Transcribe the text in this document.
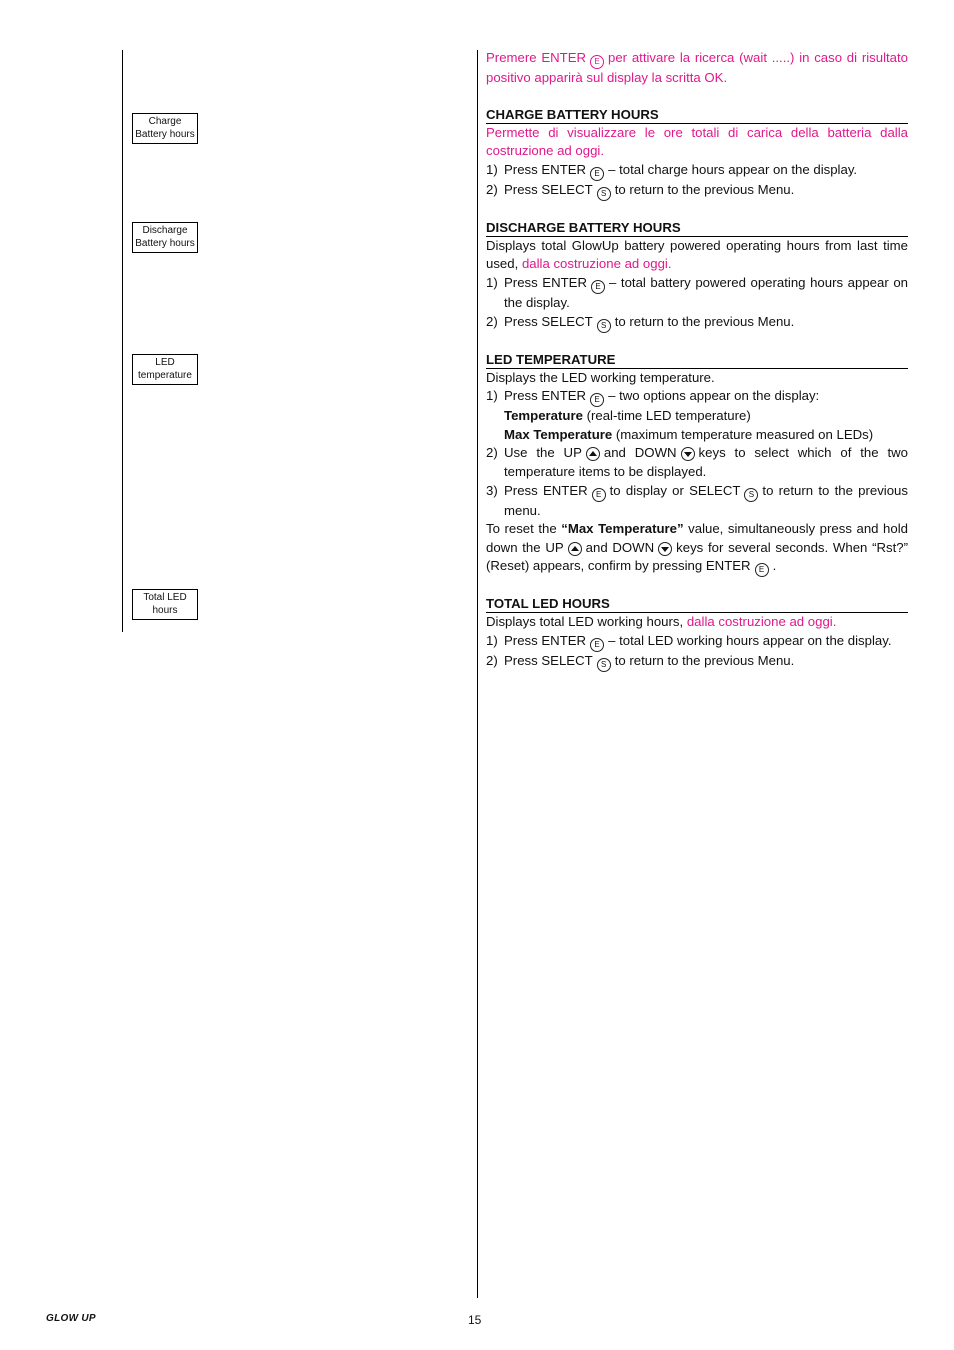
Charge
Battery hours
Discharge
Battery hours
LED
temperature
Total LED
hours

Premere ENTER E per attivare la ricerca (wait .....) in caso di risultato positivo apparirà sul display la scritta OK.

CHARGE BATTERY HOURS

Permette di visualizzare le ore totali di carica della batteria dalla costruzione ad oggi.

1) Press ENTER E – total charge hours appear on the display.
2) Press SELECT S to return to the previous Menu.

DISCHARGE BATTERY HOURS

Displays total GlowUp battery powered operating hours from last time used, dalla costruzione ad oggi.

1) Press ENTER E – total battery powered operating hours appear on the display.
2) Press SELECT S to return to the previous Menu.

LED TEMPERATURE

Displays the LED working temperature.

1) Press ENTER E – two options appear on the display:

Temperature (real-time LED temperature)

Max Temperature (maximum temperature measured on LEDs)

2) Use the UP and DOWN keys to select which of the two temperature items to be displayed.
3) Press ENTER E to display or SELECT S to return to the previous menu.

To reset the “Max Temperature” value, simultaneously press and hold down the UP and DOWN keys for several seconds. When “Rst?” (Reset) appears, confirm by pressing ENTER E .

TOTAL LED HOURS

Displays total LED working hours, dalla costruzione ad oggi.

1) Press ENTER E – total LED working hours appear on the display.
2) Press SELECT S to return to the previous Menu.
GLOW UP	15
